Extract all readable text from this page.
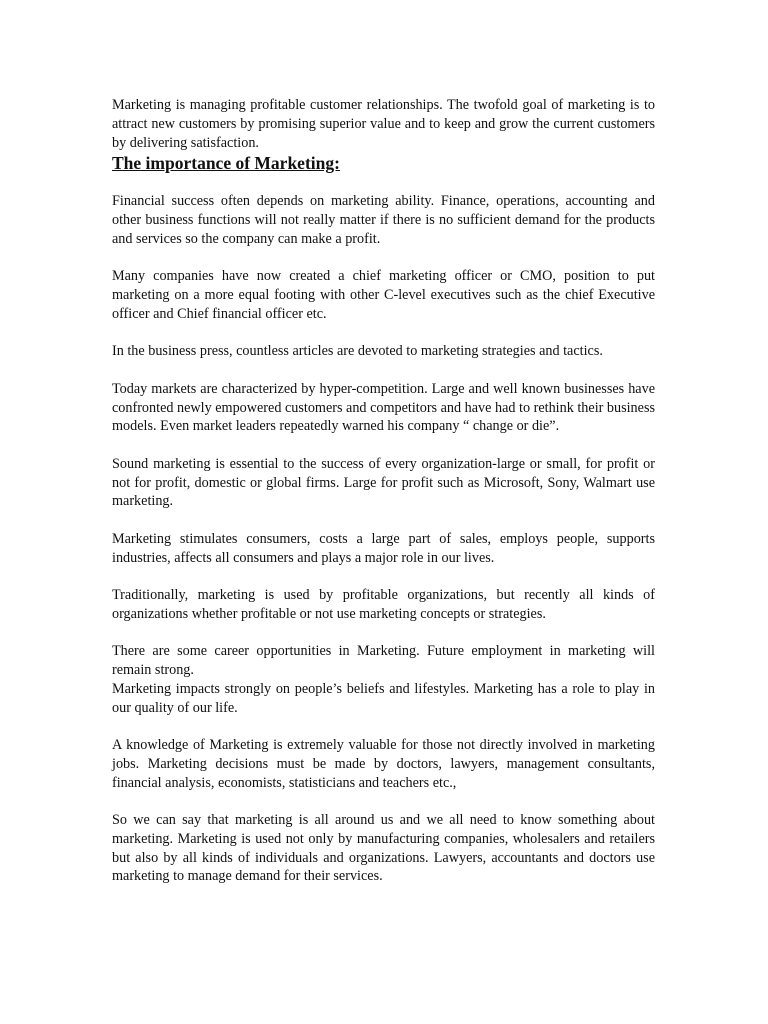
Marketing is managing profitable customer relationships. The twofold goal of marketing is to attract new customers by promising superior value and to keep and grow the current customers by delivering satisfaction.

The importance of Marketing:

Financial success often depends on marketing ability. Finance, operations, accounting and other business functions will not really matter if there is no sufficient demand for the products and services so the company can make a profit.

Many companies have now created a chief marketing officer or CMO, position to put marketing on a more equal footing with other C-level executives such as the chief Executive officer and Chief financial officer etc.

In the business press, countless articles are devoted to marketing strategies and tactics.

Today markets are characterized by hyper-competition. Large and well known businesses have confronted newly empowered customers and competitors and have had to rethink their business models. Even market leaders repeatedly warned his company “ change or die”.

Sound marketing is essential to the success of every organization-large or small, for profit or not for profit, domestic or global firms. Large for profit such as Microsoft, Sony, Walmart use marketing.

Marketing stimulates consumers, costs a large part of sales, employs people, supports industries, affects all consumers and plays a major role in our lives.

Traditionally, marketing is used by profitable organizations, but recently all kinds of organizations whether profitable or not use marketing concepts or strategies.

There are some career opportunities in Marketing. Future employment in marketing will remain strong.

Marketing impacts strongly on people’s beliefs and lifestyles. Marketing has a role to play in our quality of our life.

A knowledge of Marketing is extremely valuable for those not directly involved in marketing jobs. Marketing decisions must be made by doctors, lawyers, management consultants, financial analysis, economists, statisticians and teachers etc.,

So we can say that marketing is all around us and we all need to know something about marketing. Marketing is used not only by manufacturing companies, wholesalers and retailers but also by all kinds of individuals and organizations. Lawyers, accountants and doctors use marketing to manage demand for their services.
